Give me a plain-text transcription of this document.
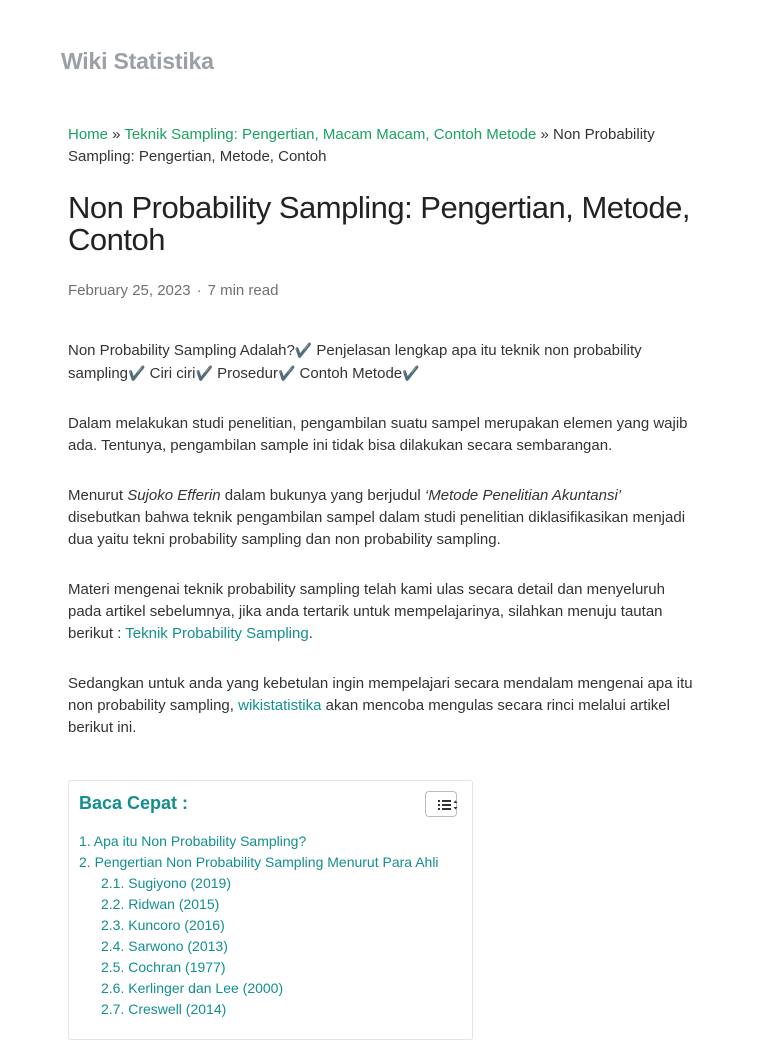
Wiki Statistika
Home » Teknik Sampling: Pengertian, Macam Macam, Contoh Metode » Non Probability Sampling: Pengertian, Metode, Contoh
Non Probability Sampling: Pengertian, Metode, Contoh
February 25, 2023 · 7 min read

Non Probability Sampling Adalah?✔️ Penjelasan lengkap apa itu teknik non probability sampling✔️ Ciri ciri✔️ Prosedur✔️ Contoh Metode✔️

Dalam melakukan studi penelitian, pengambilan suatu sampel merupakan elemen yang wajib ada. Tentunya, pengambilan sample ini tidak bisa dilakukan secara sembarangan.

Menurut Sujoko Efferin dalam bukunya yang berjudul ‘Metode Penelitian Akuntansi’ disebutkan bahwa teknik pengambilan sampel dalam studi penelitian diklasifikasikan menjadi dua yaitu tekni probability sampling dan non probability sampling.

Materi mengenai teknik probability sampling telah kami ulas secara detail dan menyeluruh pada artikel sebelumnya, jika anda tertarik untuk mempelajarinya, silahkan menuju tautan berikut : Teknik Probability Sampling.

Sedangkan untuk anda yang kebetulan ingin mempelajari secara mendalam mengenai apa itu non probability sampling, wikistatistika akan mencoba mengulas secara rinci melalui artikel berikut ini.

Baca Cepat :
1. Apa itu Non Probability Sampling?
2. Pengertian Non Probability Sampling Menurut Para Ahli
2.1. Sugiyono (2019)
2.2. Ridwan (2015)
2.3. Kuncoro (2016)
2.4. Sarwono (2013)
2.5. Cochran (1977)
2.6. Kerlinger dan Lee (2000)
2.7. Creswell (2014)
